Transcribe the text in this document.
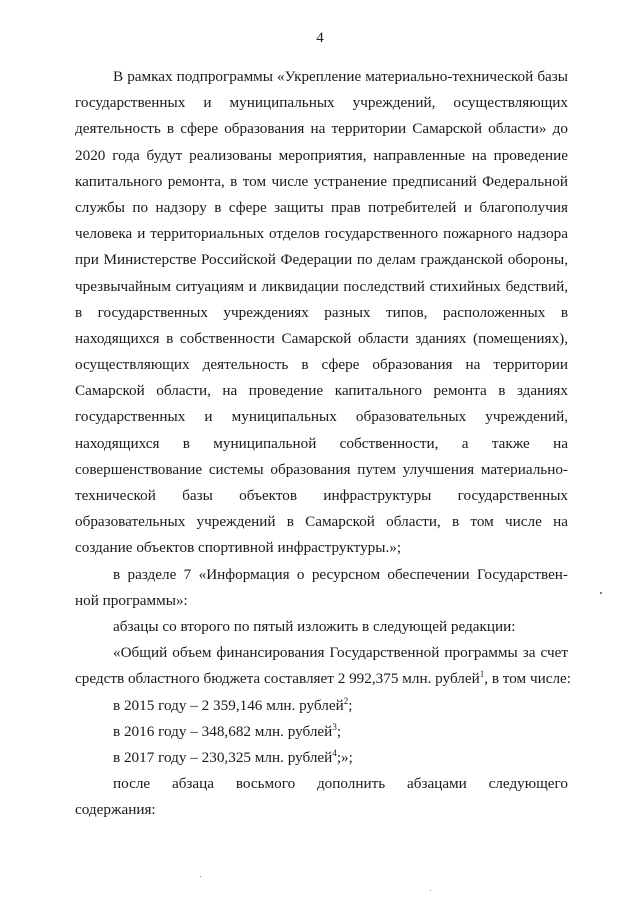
4
В рамках подпрограммы «Укрепление материально-технической базы
государственных и муниципальных учреждений, осуществляющих
деятельность в сфере образования на территории Самарской области» до
2020 года будут реализованы мероприятия, направленные на проведение
капитального ремонта, в том числе устранение предписаний Федеральной
службы по надзору в сфере защиты прав потребителей и благополучия
человека и территориальных отделов государственного пожарного надзора
при Министерстве Российской Федерации по делам гражданской обороны,
чрезвычайным ситуациям и ликвидации последствий стихийных бедствий,
в государственных учреждениях разных типов, расположенных в
находящихся в собственности Самарской области зданиях (помещениях),
осуществляющих деятельность в сфере образования на территории
Самарской области, на проведение капитального ремонта в зданиях
государственных и муниципальных образовательных учреждений,
находящихся в муниципальной собственности, а также на
совершенствование системы образования путем улучшения материально-
технической базы объектов инфраструктуры государственных
образовательных учреждений в Самарской области, в том числе на
создание объектов спортивной инфраструктуры.»;
в разделе 7 «Информация о ресурсном обеспечении Государствен-
ной программы»:
абзацы со второго по пятый изложить в следующей редакции:
«Общий объем финансирования Государственной программы за счет
средств областного бюджета составляет 2 992,375 млн. рублей$^1$, в том числе:
в 2015 году – 2 359,146 млн. рублей$^2$;
в 2016 году – 348,682 млн. рублей$^3$;
в 2017 году – 230,325 млн. рублей$^4$;»;
после абзаца восьмого дополнить абзацами следующего
содержания:
